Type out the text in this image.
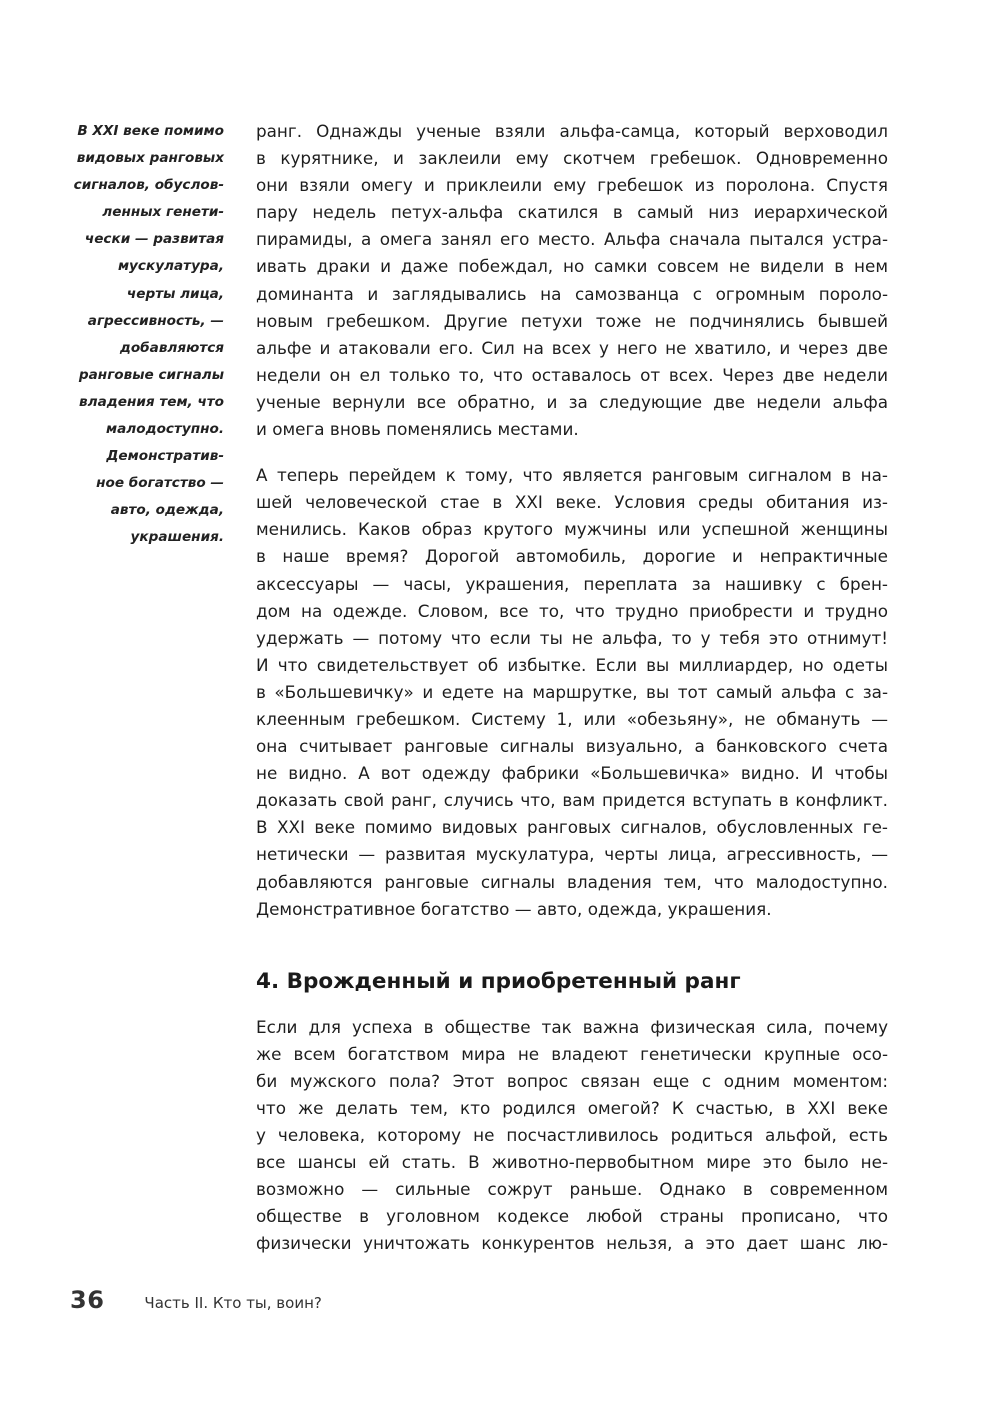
В XXI веке помимо
видовых ранговых
сигналов, обуслов-
ленных генети-
чески — развитая
мускулатура,
черты лица,
агрессивность, —
добавляются
ранговые сигналы
владения тем, что
малодоступно.
Демонстратив-
ное богатство —
авто, одежда,
украшения.

ранг. Однажды ученые взяли альфа-самца, который верховодил
в курятнике, и заклеили ему скотчем гребешок. Одновременно
они взяли омегу и приклеили ему гребешок из поролона. Спустя
пару недель петух-альфа скатился в самый низ иерархической
пирамиды, а омега занял его место. Альфа сначала пытался устра-
ивать драки и даже побеждал, но самки совсем не видели в нем
доминанта и заглядывались на самозванца с огромным пороло-
новым гребешком. Другие петухи тоже не подчинялись бывшей
альфе и атаковали его. Сил на всех у него не хватило, и через две
недели он ел только то, что оставалось от всех. Через две недели
ученые вернули все обратно, и за следующие две недели альфа
и омега вновь поменялись местами.

А теперь перейдем к тому, что является ранговым сигналом в на-
шей человеческой стае в XXI веке. Условия среды обитания из-
менились. Каков образ крутого мужчины или успешной женщины
в наше время? Дорогой автомобиль, дорогие и непрактичные
аксессуары — часы, украшения, переплата за нашивку с брен-
дом на одежде. Словом, все то, что трудно приобрести и трудно
удержать — потому что если ты не альфа, то у тебя это отнимут!
И что свидетельствует об избытке. Если вы миллиардер, но одеты
в «Большевичку» и едете на маршрутке, вы тот самый альфа с за-
клеенным гребешком. Систему 1, или «обезьяну», не обмануть —
она считывает ранговые сигналы визуально, а банковского счета
не видно. А вот одежду фабрики «Большевичка» видно. И чтобы
доказать свой ранг, случись что, вам придется вступать в конфликт.
В XXI веке помимо видовых ранговых сигналов, обусловленных ге-
нетически — развитая мускулатура, черты лица, агрессивность, —
добавляются ранговые сигналы владения тем, что малодоступно.
Демонстративное богатство — авто, одежда, украшения.

4. Врожденный и приобретенный ранг

Если для успеха в обществе так важна физическая сила, почему
же всем богатством мира не владеют генетически крупные осо-
би мужского пола? Этот вопрос связан еще с одним моментом:
что же делать тем, кто родился омегой? К счастью, в XXI веке
у человека, которому не посчастливилось родиться альфой, есть
все шансы ей стать. В животно-первобытном мире это было не-
возможно — сильные сожрут раньше. Однако в современном
обществе в уголовном кодексе любой страны прописано, что
физически уничтожать конкурентов нельзя, а это дает шанс лю-

36	Часть II. Кто ты, воин?
